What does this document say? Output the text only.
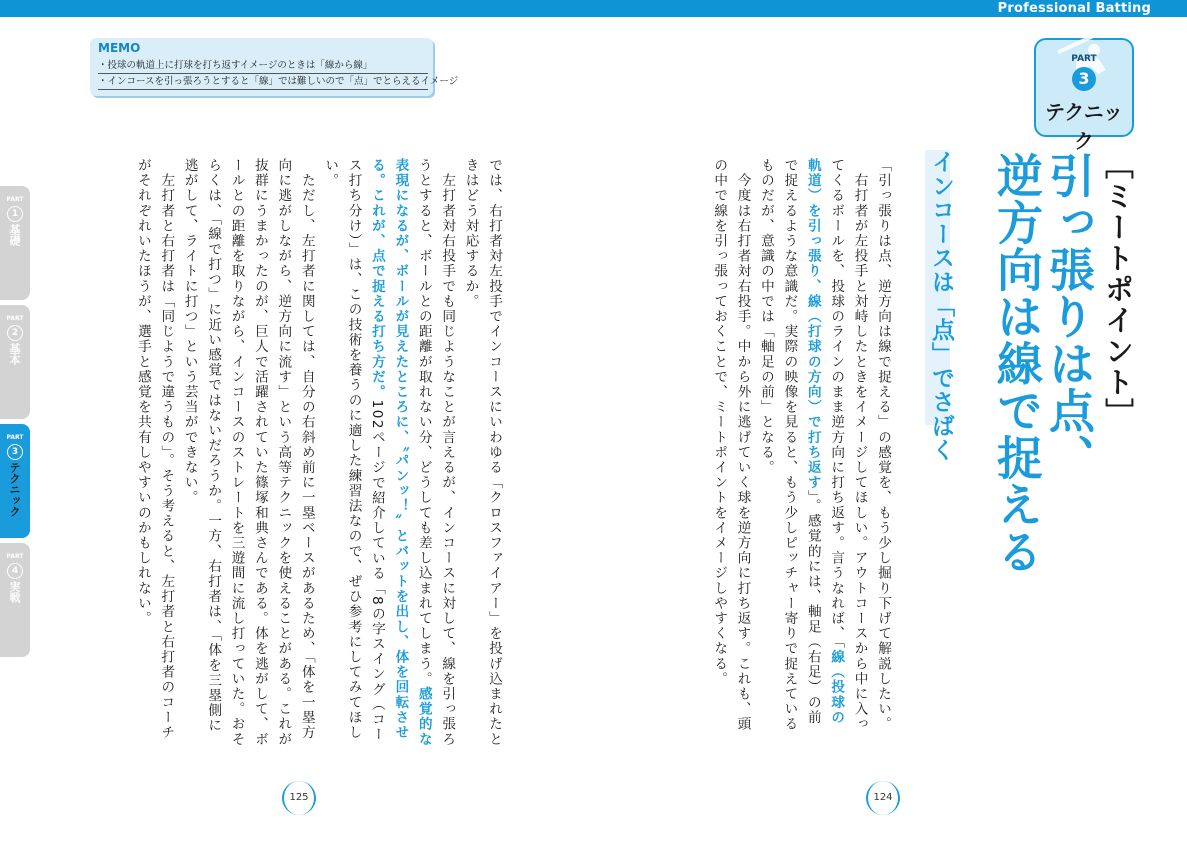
Professional Batting
MEMO
・投球の軌道上に打球を打ち返すイメージのときは「線から線」
・インコースを引っ張ろうとすると「線」では難しいので「点」でとらえるイメージ
PART
3
テクニック
［ミートポイント］
引っ張りは点、
逆方向は線で捉える
インコースは「点」でさばく

「引っ張りは点、逆方向は線で捉える」の感覚を、もう少し掘り下げて解説したい。

　右打者が左投手と対峙したときをイメージしてほしい。アウトコースから中に入ってくるボールを、投球のラインのまま逆方向に打ち返す。言うなれば、「線（投球の軌道）を引っ張り、線（打球の方向）で打ち返す」。感覚的には、軸足（右足）の前で捉えるような意識だ。実際の映像を見ると、もう少しピッチャー寄りで捉えているものだが、意識の中では「軸足の前」となる。

　今度は右打者対右投手。中から外に逃げていく球を逆方向に打ち返す。これも、頭の中で線を引っ張っておくことで、ミートポイントをイメージしやすくなる。

では、右打者対左投手でインコースにいわゆる「クロスファイアー」を投げ込まれたときはどう対応するか。

　左打者対右投手でも同じようなことが言えるが、インコースに対して、線を引っ張ろうとすると、ボールとの距離が取れない分、どうしても差し込まれてしまう。感覚的な表現になるが、ボールが見えたところに、〝パンッ！〟とバットを出し、体を回転させる。これが、点で捉える打ち方だ。102ページで紹介している「8の字スイング（コース打ち分け）」は、この技術を養うのに適した練習法なので、ぜひ参考にしてみてほしい。

　ただし、左打者に関しては、自分の右斜め前に一塁ベースがあるため、「体を一塁方向に逃がしながら、逆方向に流す」という高等テクニックを使えることがある。これが抜群にうまかったのが、巨人で活躍されていた篠塚和典さんである。体を逃がして、ボールとの距離を取りながら、インコースのストレートを三遊間に流し打っていた。おそらくは、「線で打つ」に近い感覚ではないだろうか。一方、右打者は、「体を三塁側に逃がして、ライトに打つ」という芸当ができない。

　左打者と右打者は「同じようで違うもの」。そう考えると、左打者と右打者のコーチがそれぞれいたほうが、選手と感覚を共有しやすいのかもしれない。

125	124
PART
1
基礎
PART
2
基本
PART
3
テクニック
PART
4
実戦
